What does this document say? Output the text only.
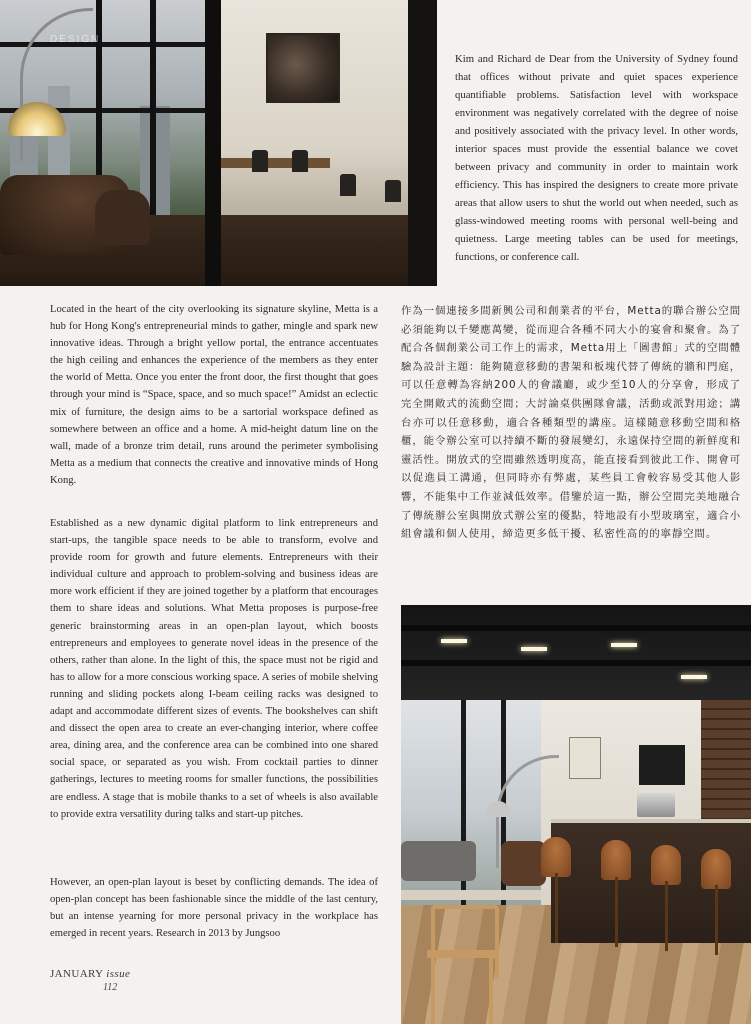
DESIGN

Kim and Richard de Dear from the University of Sydney found that offices without private and quiet spaces experience quantifiable problems. Satisfaction level with workspace environment was negatively correlated with the degree of noise and positively associated with the privacy level. In other words, interior spaces must provide the essential balance we covet between privacy and community in order to maintain work efficiency. This has inspired the designers to create more private areas that allow users to shut the world out when needed, such as glass-windowed meeting rooms with personal well-being and quietness. Large meeting tables can be used for meetings, functions, or conference call.

Located in the heart of the city overlooking its signature skyline, Metta is a hub for Hong Kong's entrepreneurial minds to gather, mingle and spark new innovative ideas. Through a bright yellow portal, the entrance accentuates the high ceiling and enhances the experience of the members as they enter the world of Metta. Once you enter the front door, the first thought that goes through your mind is “Space, space, and so much space!” Amidst an eclectic mix of furniture, the design aims to be a sartorial workspace defined as somewhere between an office and a home. A mid-height datum line on the wall, made of a bronze trim detail, runs around the perimeter symbolising Metta as a medium that connects the creative and innovative minds of Hong Kong.

Established as a new dynamic digital platform to link entrepreneurs and start-ups, the tangible space needs to be able to transform, evolve and provide room for growth and future elements. Entrepreneurs with their individual culture and approach to problem-solving and business ideas are more work efficient if they are joined together by a platform that encourages them to share ideas and solutions. What Metta proposes is purpose-free generic brainstorming areas in an open-plan layout, which boosts entrepreneurs and employees to generate novel ideas in the presence of the others, rather than alone. In the light of this, the space must not be rigid and has to allow for a more conscious working space. A series of mobile shelving running and sliding pockets along I-beam ceiling racks was designed to adapt and accommodate different sizes of events. The bookshelves can shift and dissect the open area to create an ever-changing interior, where coffee area, dining area, and the conference area can be combined into one shared social space, or separated as you wish. From cocktail parties to dinner gatherings, lectures to meeting rooms for smaller functions, the possibilities are endless. A stage that is mobile thanks to a set of wheels is also available to provide extra versatility during talks and start-up pitches.

However, an open-plan layout is beset by conflicting demands. The idea of open-plan concept has been fashionable since the middle of the last century, but an intense yearning for more personal privacy in the workplace has emerged in recent years. Research in 2013 by Jungsoo

作為一個連接多間新興公司和創業者的平台，Metta的聯合辦公空間必須能夠以千變應萬變，從而迎合各種不同大小的宴會和聚會。為了配合各個創業公司工作上的需求，Metta用上「圖書館」式的空間體驗為設計主題：能夠隨意移動的書架和板塊代替了傳統的牆和門庭，可以任意轉為容納200人的會議廳，或少至10人的分享會，形成了完全開敞式的流動空間；大討論桌供團隊會議，活動或派對用途；講台亦可以任意移動，適合各種類型的講座。這樣隨意移動空間和格櫃，能令辦公室可以持續不斷的發展變幻，永遠保持空間的新鮮度和靈活性。開放式的空間雖然透明度高，能直接看到彼此工作、開會可以促進員工溝通，但同時亦有弊處，某些員工會較容易受其他人影響，不能集中工作並減低效率。借鑒於這一點，辦公空間完美地融合了傳統辦公室與開放式辦公室的優點，特地設有小型玻璃室，適合小組會議和個人使用，締造更多低干擾、私密性高的的寧靜空間。

JANUARY issue
112
